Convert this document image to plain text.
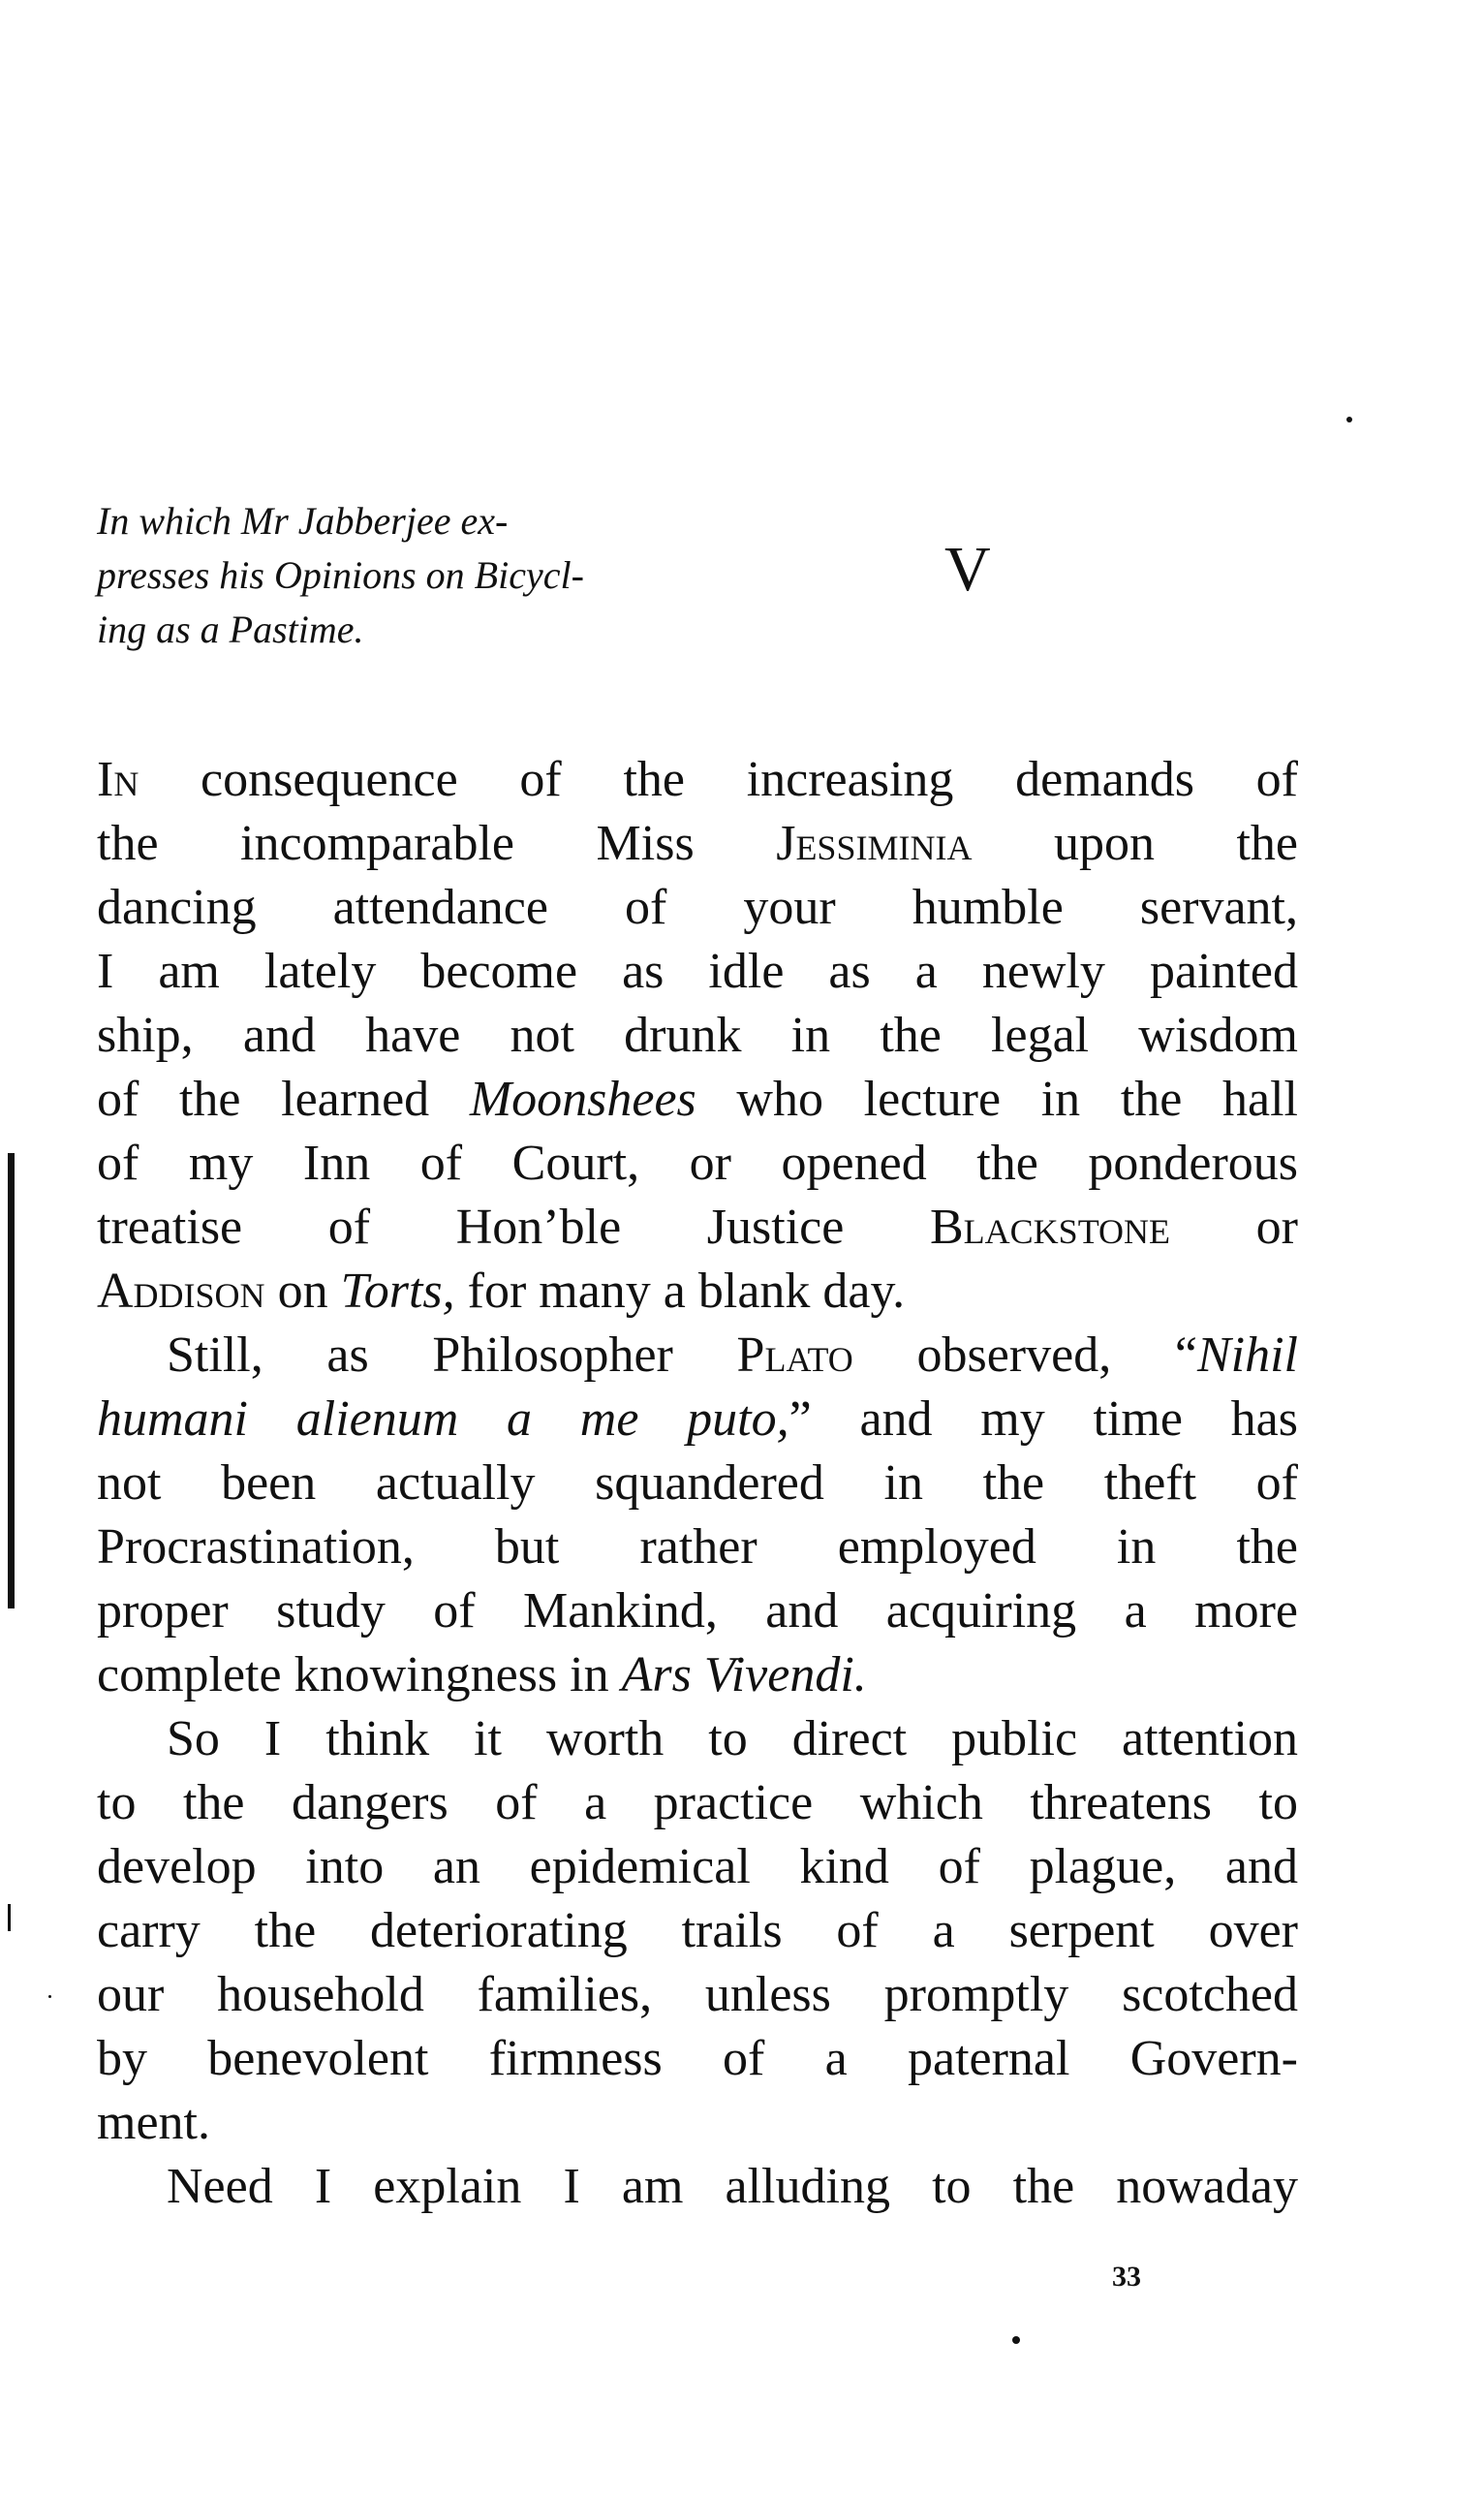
In which Mr Jabberjee ex-
presses his Opinions on Bicycl-
ing as a Pastime.
V
In consequence of the increasing demands of
the incomparable Miss Jessiminia upon the
dancing attendance of your humble servant,
I am lately become as idle as a newly painted
ship, and have not drunk in the legal wisdom
of the learned Moonshees who lecture in the hall
of my Inn of Court, or opened the ponderous
treatise of Hon’ble Justice Blackstone or
Addison on Torts, for many a blank day.
Still, as Philosopher Plato observed, “Nihil
humani alienum a me puto,” and my time has
not been actually squandered in the theft of
Procrastination, but rather employed in the
proper study of Mankind, and acquiring a more
complete knowingness in Ars Vivendi.
So I think it worth to direct public attention
to the dangers of a practice which threatens to
develop into an epidemical kind of plague, and
carry the deteriorating trails of a serpent over
our household families, unless promptly scotched
by benevolent firmness of a paternal Govern-
ment.
Need I explain I am alluding to the nowaday
33
